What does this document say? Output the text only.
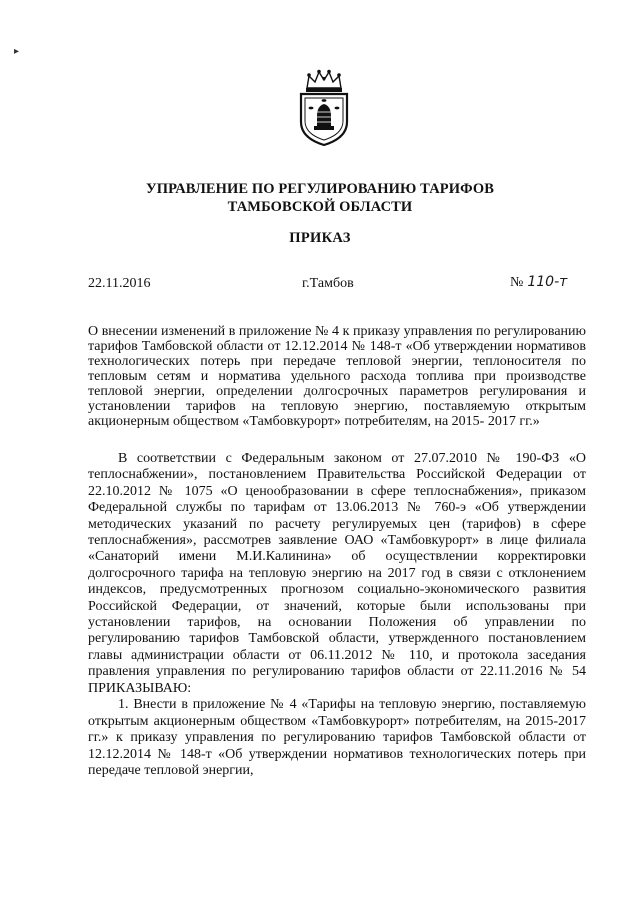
▸
УПРАВЛЕНИЕ ПО РЕГУЛИРОВАНИЮ ТАРИФОВ
ТАМБОВСКОЙ ОБЛАСТИ
ПРИКАЗ
22.11.2016	г.Тамбов	№ 110-т
О внесении изменений в приложение № 4 к приказу управления по регулированию тарифов Тамбовской области от 12.12.2014 № 148-т «Об утверждении нормативов технологических потерь при передаче тепловой энергии, теплоносителя по тепловым сетям и норматива удельного расхода топлива при производстве тепловой энергии, определении долгосрочных параметров регулирования и установлении тарифов на тепловую энергию, поставляемую открытым акционерным обществом «Тамбовкурорт» потребителям, на 2015- 2017 гг.»
В соответствии с Федеральным законом от 27.07.2010 № 190-ФЗ «О теплоснабжении», постановлением Правительства Российской Федерации от 22.10.2012 № 1075 «О ценообразовании в сфере теплоснабжения», приказом Федеральной службы по тарифам от 13.06.2013 № 760-э «Об утверждении методических указаний по расчету регулируемых цен (тарифов) в сфере теплоснабжения», рассмотрев заявление ОАО «Тамбовкурорт» в лице филиала «Санаторий имени М.И.Калинина» об осуществлении корректировки долгосрочного тарифа на тепловую энергию на 2017 год в связи с отклонением индексов, предусмотренных прогнозом социально-экономического развития Российской Федерации, от значений, которые были использованы при установлении тарифов, на основании Положения об управлении по регулированию тарифов Тамбовской области, утвержденного постановлением главы администрации области от 06.11.2012 № 110, и протокола заседания правления управления по регулированию тарифов области от 22.11.2016 № 54 ПРИКАЗЫВАЮ:
1. Внести в приложение № 4 «Тарифы на тепловую энергию, поставляемую открытым акционерным обществом «Тамбовкурорт» потребителям, на 2015-2017 гг.» к приказу управления по регулированию тарифов Тамбовской области от 12.12.2014 № 148-т «Об утверждении нормативов технологических потерь при передаче тепловой энергии,
